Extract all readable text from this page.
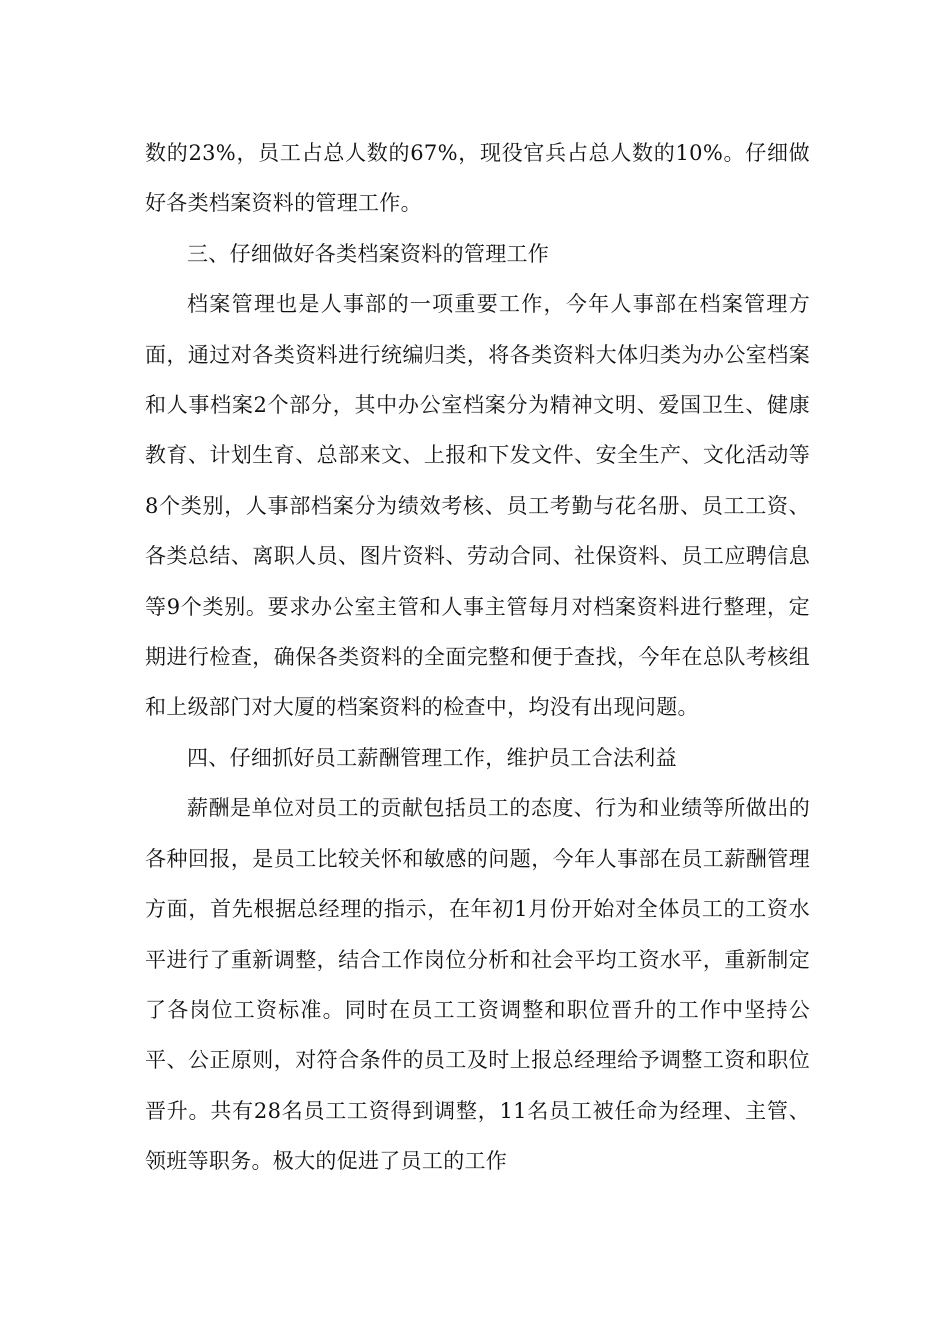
数的23%，员工占总人数的67%，现役官兵占总人数的10%。仔细做好各类档案资料的管理工作。

三、仔细做好各类档案资料的管理工作

档案管理也是人事部的一项重要工作，今年人事部在档案管理方面，通过对各类资料进行统编归类，将各类资料大体归类为办公室档案和人事档案2个部分，其中办公室档案分为精神文明、爱国卫生、健康教育、计划生育、总部来文、上报和下发文件、安全生产、文化活动等8个类别，人事部档案分为绩效考核、员工考勤与花名册、员工工资、各类总结、离职人员、图片资料、劳动合同、社保资料、员工应聘信息等9个类别。要求办公室主管和人事主管每月对档案资料进行整理，定期进行检查，确保各类资料的全面完整和便于查找，今年在总队考核组和上级部门对大厦的档案资料的检查中，均没有出现问题。

四、仔细抓好员工薪酬管理工作，维护员工合法利益

薪酬是单位对员工的贡献包括员工的态度、行为和业绩等所做出的各种回报，是员工比较关怀和敏感的问题，今年人事部在员工薪酬管理方面，首先根据总经理的指示，在年初1月份开始对全体员工的工资水平进行了重新调整，结合工作岗位分析和社会平均工资水平，重新制定了各岗位工资标准。同时在员工工资调整和职位晋升的工作中坚持公平、公正原则，对符合条件的员工及时上报总经理给予调整工资和职位晋升。共有28名员工工资得到调整，11名员工被任命为经理、主管、领班等职务。极大的促进了员工的工作
